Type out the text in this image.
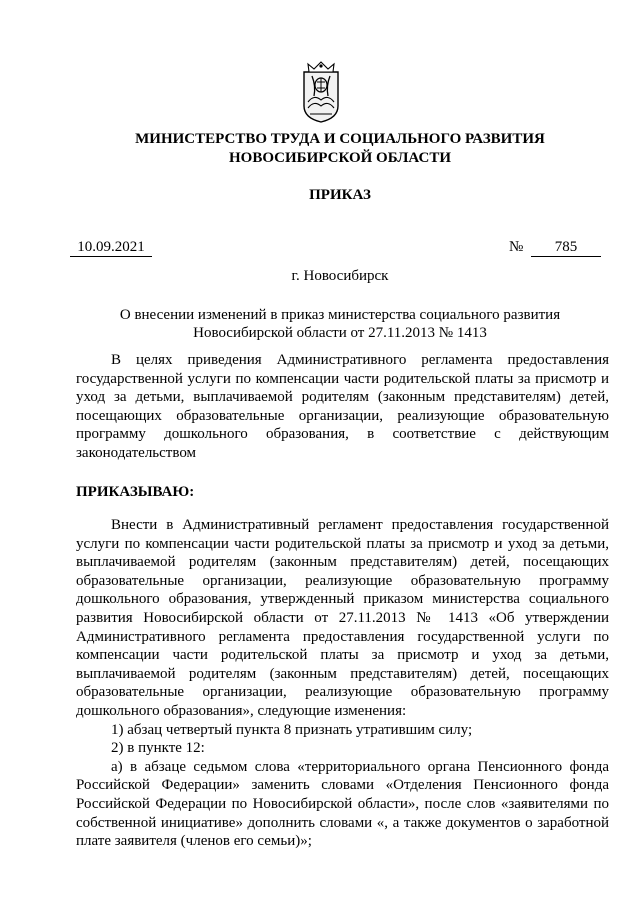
МИНИСТЕРСТВО ТРУДА И СОЦИАЛЬНОГО РАЗВИТИЯ
НОВОСИБИРСКОЙ ОБЛАСТИ
ПРИКАЗ
10.09.2021	№	785
г. Новосибирск
О внесении изменений в приказ министерства социального развития
Новосибирской области от 27.11.2013 № 1413
В целях приведения Административного регламента предоставления государственной услуги по компенсации части родительской платы за присмотр и уход за детьми, выплачиваемой родителям (законным представителям) детей, посещающих образовательные организации, реализующие образовательную программу дошкольного образования, в соответствие с действующим законодательством
ПРИКАЗЫВАЮ:
Внести в Административный регламент предоставления государственной услуги по компенсации части родительской платы за присмотр и уход за детьми, выплачиваемой родителям (законным представителям) детей, посещающих образовательные организации, реализующие образовательную программу дошкольного образования, утвержденный приказом министерства социального развития Новосибирской области от 27.11.2013 № 1413 «Об утверждении Административного регламента предоставления государственной услуги по компенсации части родительской платы за присмотр и уход за детьми, выплачиваемой родителям (законным представителям) детей, посещающих образовательные организации, реализующие образовательную программу дошкольного образования», следующие изменения:
1) абзац четвертый пункта 8 признать утратившим силу;
2) в пункте 12:
а) в абзаце седьмом слова «территориального органа Пенсионного фонда Российской Федерации» заменить словами «Отделения Пенсионного фонда Российской Федерации по Новосибирской области», после слов «заявителями по собственной инициативе» дополнить словами «, а также документов о заработной плате заявителя (членов его семьи)»;
